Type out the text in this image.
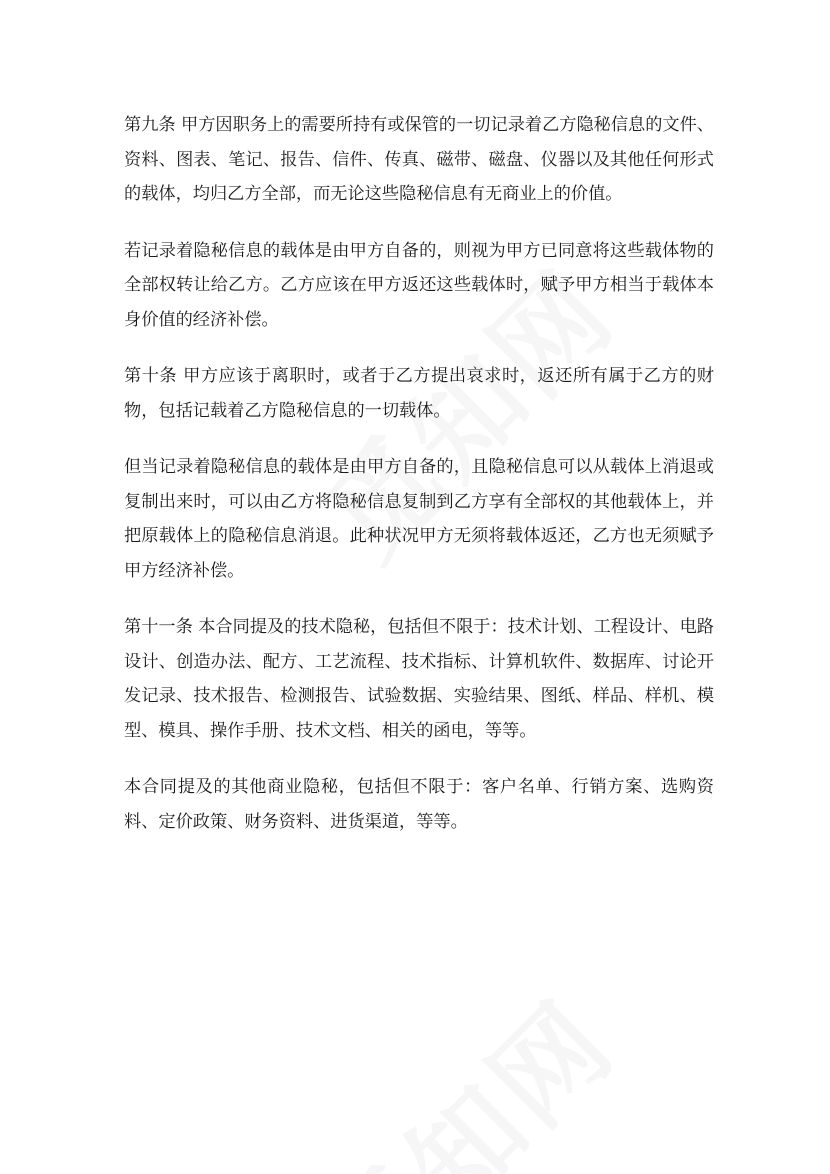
第九条 甲方因职务上的需要所持有或保管的一切记录着乙方隐秘信息的文件、资料、图表、笔记、报告、信件、传真、磁带、磁盘、仪器以及其他任何形式的载体，均归乙方全部，而无论这些隐秘信息有无商业上的价值。

若记录着隐秘信息的载体是由甲方自备的，则视为甲方已同意将这些载体物的全部权转让给乙方。乙方应该在甲方返还这些载体时，赋予甲方相当于载体本身价值的经济补偿。

第十条 甲方应该于离职时，或者于乙方提出哀求时，返还所有属于乙方的财物，包括记载着乙方隐秘信息的一切载体。

但当记录着隐秘信息的载体是由甲方自备的，且隐秘信息可以从载体上消退或复制出来时，可以由乙方将隐秘信息复制到乙方享有全部权的其他载体上，并把原载体上的隐秘信息消退。此种状况甲方无须将载体返还，乙方也无须赋予甲方经济补偿。

第十一条 本合同提及的技术隐秘，包括但不限于：技术计划、工程设计、电路设计、创造办法、配方、工艺流程、技术指标、计算机软件、数据库、讨论开发记录、技术报告、检测报告、试验数据、实验结果、图纸、样品、样机、模型、模具、操作手册、技术文档、相关的函电，等等。

本合同提及的其他商业隐秘，包括但不限于：客户名单、行销方案、选购资料、定价政策、财务资料、进货渠道，等等。
